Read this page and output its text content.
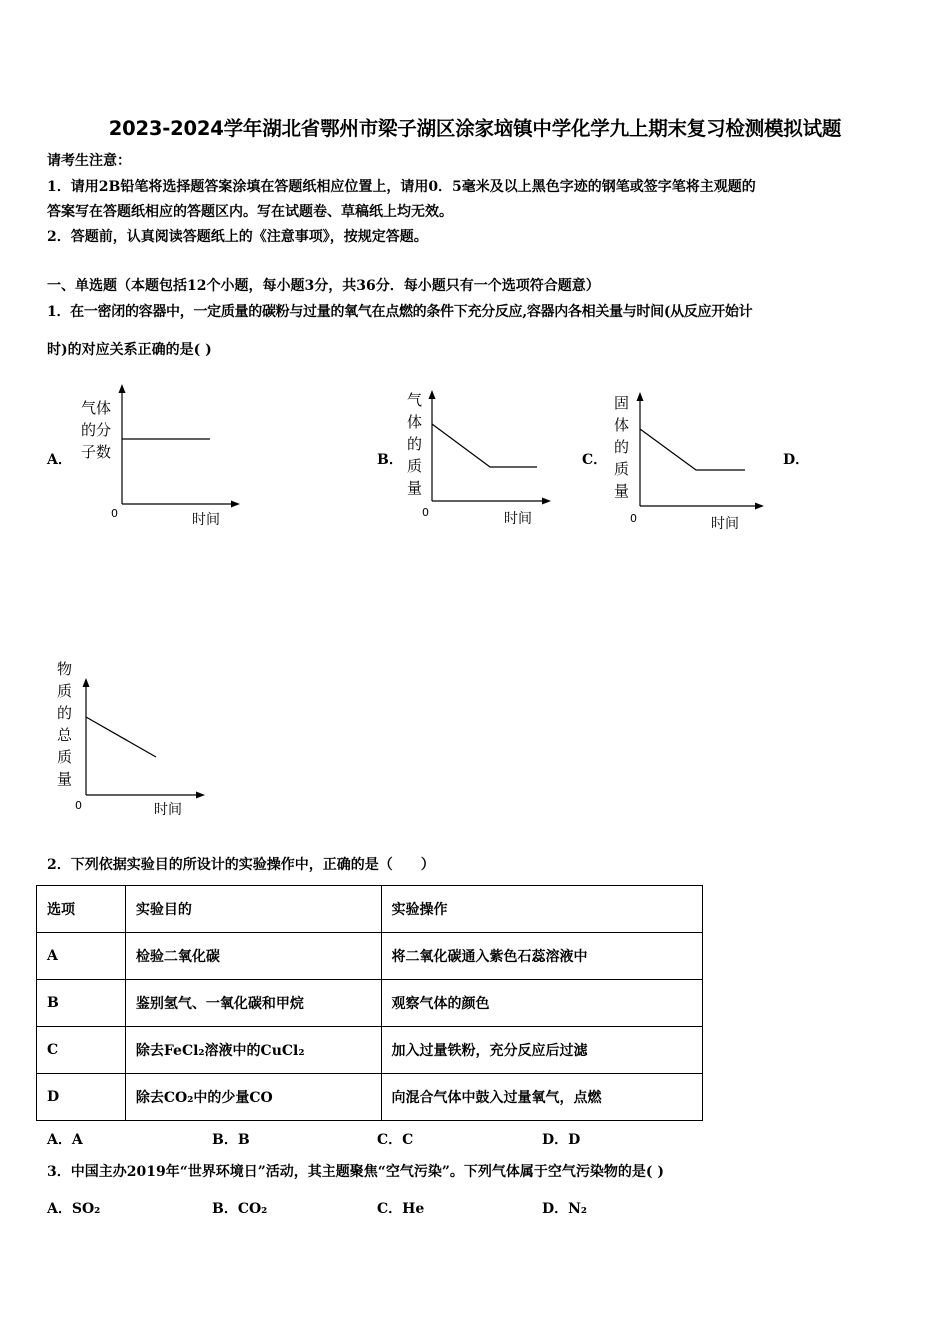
2023-2024学年湖北省鄂州市梁子湖区涂家垴镇中学化学九上期末复习检测模拟试题
请考生注意：
1．请用2B铅笔将选择题答案涂填在答题纸相应位置上，请用0．5毫米及以上黑色字迹的钢笔或签字笔将主观题的
答案写在答题纸相应的答题区内。写在试题卷、草稿纸上均无效。
2．答题前，认真阅读答题纸上的《注意事项》，按规定答题。
一、单选题（本题包括12个小题，每小题3分，共36分．每小题只有一个选项符合题意）
1．在一密闭的容器中，一定质量的碳粉与过量的氧气在点燃的条件下充分反应,容器内各相关量与时间(从反应开始计
时)的对应关系正确的是( )
A．	B．	C．	D．
气体
的分
子数
0	时间
气
体
的
质
量
0	时间
固
体
的
质
量
0	时间
物
质
的
总
质
量
0	时间
2．下列依据实验目的所设计的实验操作中，正确的是（　　）
选项	实验目的	实验操作
A	检验二氧化碳	将二氧化碳通入紫色石蕊溶液中
B	鉴别氢气、一氧化碳和甲烷	观察气体的颜色
C	除去FeCl₂溶液中的CuCl₂	加入过量铁粉，充分反应后过滤
D	除去CO₂中的少量CO	向混合气体中鼓入过量氧气，点燃
A．A	B．B	C．C	D．D
3．中国主办2019年“世界环境日”活动，其主题聚焦“空气污染”。下列气体属于空气污染物的是( )
A．SO₂	B．CO₂	C．He	D．N₂
